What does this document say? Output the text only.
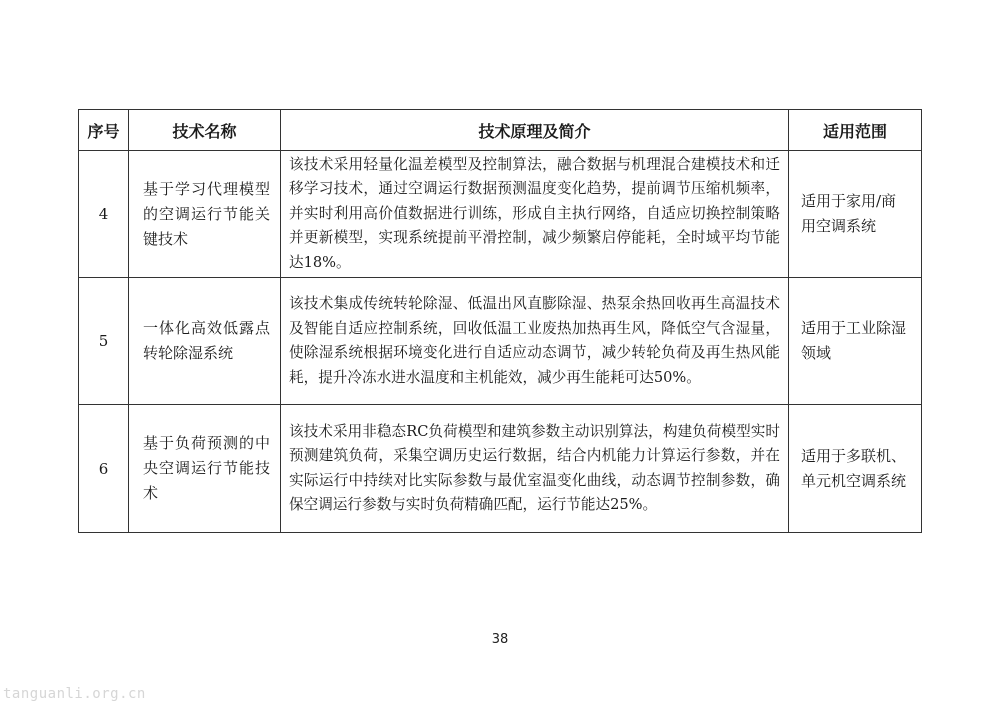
序号	技术名称	技术原理及简介	适用范围
4	基于学习代理模型的空调运行节能关键技术	该技术采用轻量化温差模型及控制算法，融合数据与机理混合建模技术和迁移学习技术，通过空调运行数据预测温度变化趋势，提前调节压缩机频率，并实时利用高价值数据进行训练，形成自主执行网络，自适应切换控制策略并更新模型，实现系统提前平滑控制，减少频繁启停能耗，全时域平均节能达18%。	适用于家用/商用空调系统
5	一体化高效低露点转轮除湿系统	该技术集成传统转轮除湿、低温出风直膨除湿、热泵余热回收再生高温技术及智能自适应控制系统，回收低温工业废热加热再生风，降低空气含湿量，使除湿系统根据环境变化进行自适应动态调节，减少转轮负荷及再生热风能耗，提升冷冻水进水温度和主机能效，减少再生能耗可达50%。	适用于工业除湿领域
6	基于负荷预测的中央空调运行节能技术	该技术采用非稳态RC负荷模型和建筑参数主动识别算法，构建负荷模型实时预测建筑负荷，采集空调历史运行数据，结合内机能力计算运行参数，并在实际运行中持续对比实际参数与最优室温变化曲线，动态调节控制参数，确保空调运行参数与实时负荷精确匹配，运行节能达25%。	适用于多联机、单元机空调系统
38
tanguanli.org.cn
